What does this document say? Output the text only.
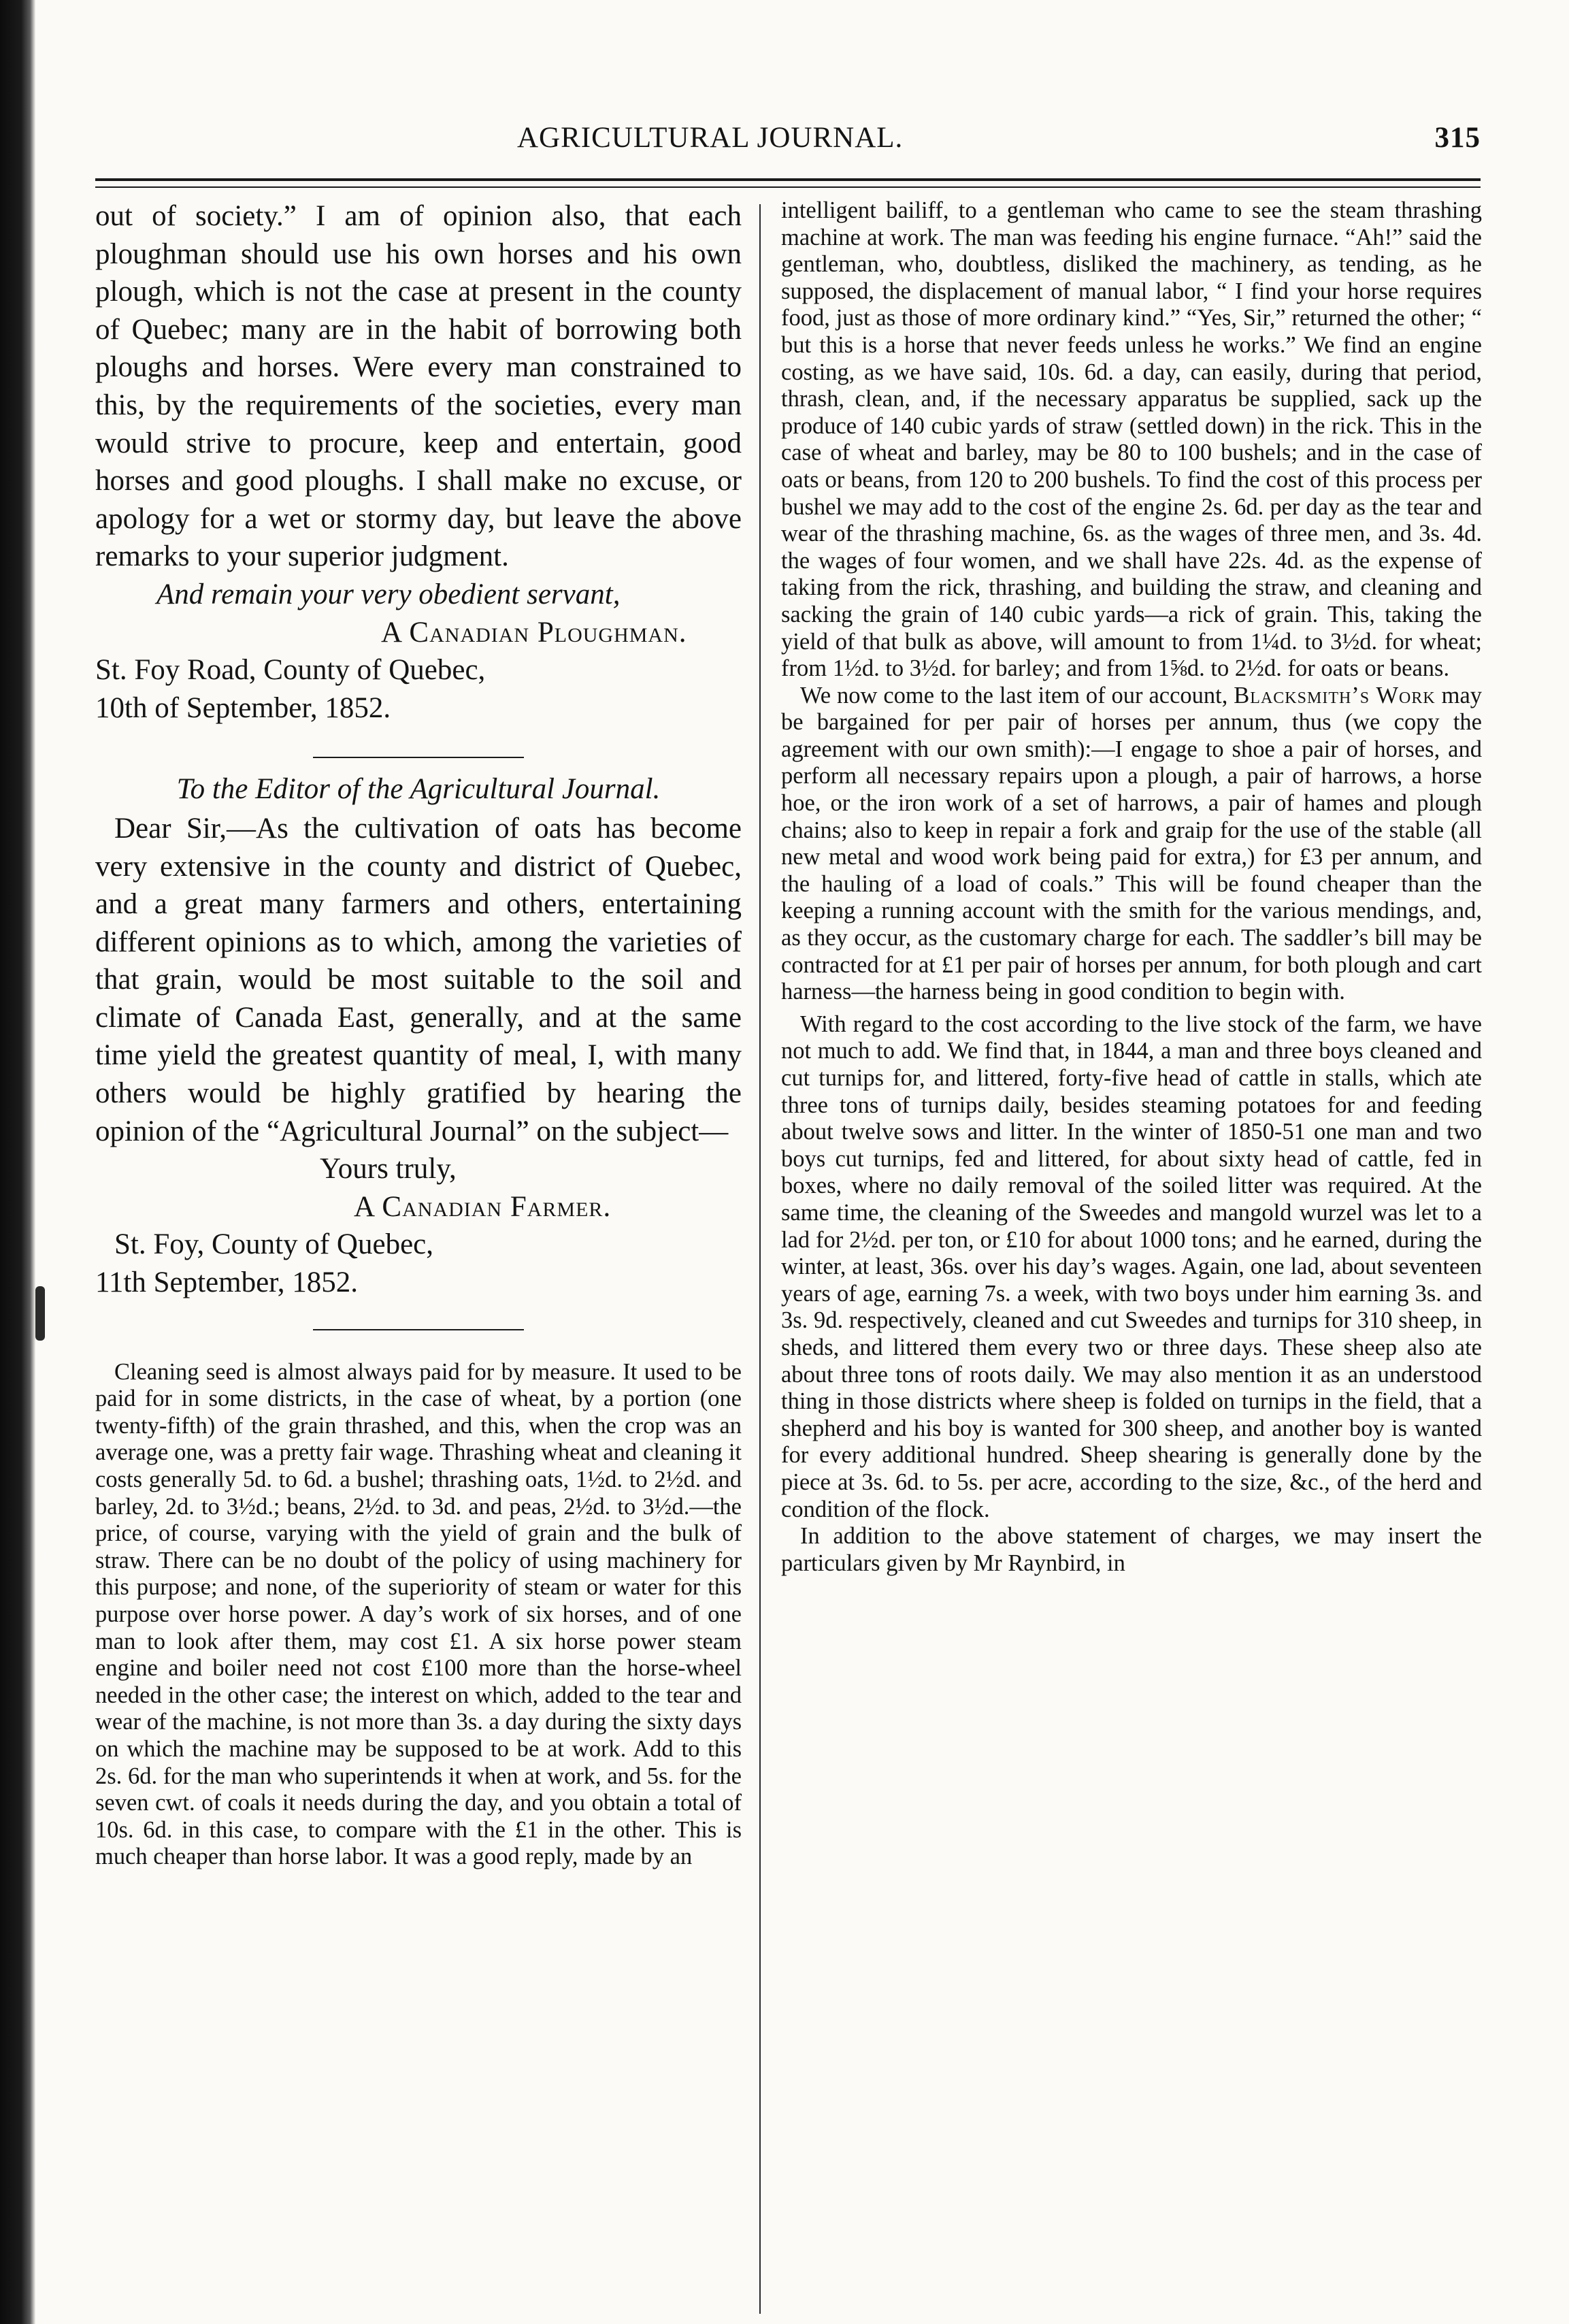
AGRICULTURAL JOURNAL.	315

out of society.” I am of opinion also, that each ploughman should use his own horses and his own plough, which is not the case at present in the county of Quebec; many are in the habit of borrowing both ploughs and horses. Were every man constrained to this, by the requirements of the societies, every man would strive to procure, keep and entertain, good horses and good ploughs. I shall make no excuse, or apology for a wet or stormy day, but leave the above remarks to your superior judgment.

And remain your very obedient servant,
A Canadian Ploughman.
St. Foy Road, County of Quebec,
10th of September, 1852.
To the Editor of the Agricultural Journal.

Dear Sir,—As the cultivation of oats has become very extensive in the county and district of Quebec, and a great many farmers and others, entertaining different opinions as to which, among the varieties of that grain, would be most suitable to the soil and climate of Canada East, generally, and at the same time yield the greatest quantity of meal, I, with many others would be highly gratified by hearing the opinion of the “Agricultural Journal” on the subject—

Yours truly,
A Canadian Farmer.
St. Foy, County of Quebec,
11th September, 1852.

Cleaning seed is almost always paid for by measure. It used to be paid for in some districts, in the case of wheat, by a portion (one twenty-fifth) of the grain thrashed, and this, when the crop was an average one, was a pretty fair wage. Thrashing wheat and cleaning it costs generally 5d. to 6d. a bushel; thrashing oats, 1½d. to 2½d. and barley, 2d. to 3½d.; beans, 2½d. to 3d. and peas, 2½d. to 3½d.—the price, of course, varying with the yield of grain and the bulk of straw. There can be no doubt of the policy of using machinery for this purpose; and none, of the superiority of steam or water for this purpose over horse power. A day’s work of six horses, and of one man to look after them, may cost £1. A six horse power steam engine and boiler need not cost £100 more than the horse-wheel needed in the other case; the interest on which, added to the tear and wear of the machine, is not more than 3s. a day during the sixty days on which the machine may be supposed to be at work. Add to this 2s. 6d. for the man who superintends it when at work, and 5s. for the seven cwt. of coals it needs during the day, and you obtain a total of 10s. 6d. in this case, to compare with the £1 in the other. This is much cheaper than horse labor. It was a good reply, made by an

intelligent bailiff, to a gentleman who came to see the steam thrashing machine at work. The man was feeding his engine furnace. “Ah!” said the gentleman, who, doubtless, disliked the machinery, as tending, as he supposed, the displacement of manual labor, “ I find your horse requires food, just as those of more ordinary kind.” “Yes, Sir,” returned the other; “ but this is a horse that never feeds unless he works.” We find an engine costing, as we have said, 10s. 6d. a day, can easily, during that period, thrash, clean, and, if the necessary apparatus be supplied, sack up the produce of 140 cubic yards of straw (settled down) in the rick. This in the case of wheat and barley, may be 80 to 100 bushels; and in the case of oats or beans, from 120 to 200 bushels. To find the cost of this process per bushel we may add to the cost of the engine 2s. 6d. per day as the tear and wear of the thrashing machine, 6s. as the wages of three men, and 3s. 4d. the wages of four women, and we shall have 22s. 4d. as the expense of taking from the rick, thrashing, and building the straw, and cleaning and sacking the grain of 140 cubic yards—a rick of grain. This, taking the yield of that bulk as above, will amount to from 1¼d. to 3½d. for wheat; from 1½d. to 3½d. for barley; and from 1⅝d. to 2½d. for oats or beans.

We now come to the last item of our account, Blacksmith’s Work may be bargained for per pair of horses per annum, thus (we copy the agreement with our own smith):—I engage to shoe a pair of horses, and perform all necessary repairs upon a plough, a pair of harrows, a horse hoe, or the iron work of a set of harrows, a pair of hames and plough chains; also to keep in repair a fork and graip for the use of the stable (all new metal and wood work being paid for extra,) for £3 per annum, and the hauling of a load of coals.” This will be found cheaper than the keeping a running account with the smith for the various mendings, and, as they occur, as the customary charge for each. The saddler’s bill may be contracted for at £1 per pair of horses per annum, for both plough and cart harness—the harness being in good condition to begin with.

With regard to the cost according to the live stock of the farm, we have not much to add. We find that, in 1844, a man and three boys cleaned and cut turnips for, and littered, forty-five head of cattle in stalls, which ate three tons of turnips daily, besides steaming potatoes for and feeding about twelve sows and litter. In the winter of 1850-51 one man and two boys cut turnips, fed and littered, for about sixty head of cattle, fed in boxes, where no daily removal of the soiled litter was required. At the same time, the cleaning of the Sweedes and mangold wurzel was let to a lad for 2½d. per ton, or £10 for about 1000 tons; and he earned, during the winter, at least, 36s. over his day’s wages. Again, one lad, about seventeen years of age, earning 7s. a week, with two boys under him earning 3s. and 3s. 9d. respectively, cleaned and cut Sweedes and turnips for 310 sheep, in sheds, and littered them every two or three days. These sheep also ate about three tons of roots daily. We may also mention it as an understood thing in those districts where sheep is folded on turnips in the field, that a shepherd and his boy is wanted for 300 sheep, and another boy is wanted for every additional hundred. Sheep shearing is generally done by the piece at 3s. 6d. to 5s. per acre, according to the size, &c., of the herd and condition of the flock.

In addition to the above statement of charges, we may insert the particulars given by Mr Raynbird, in
